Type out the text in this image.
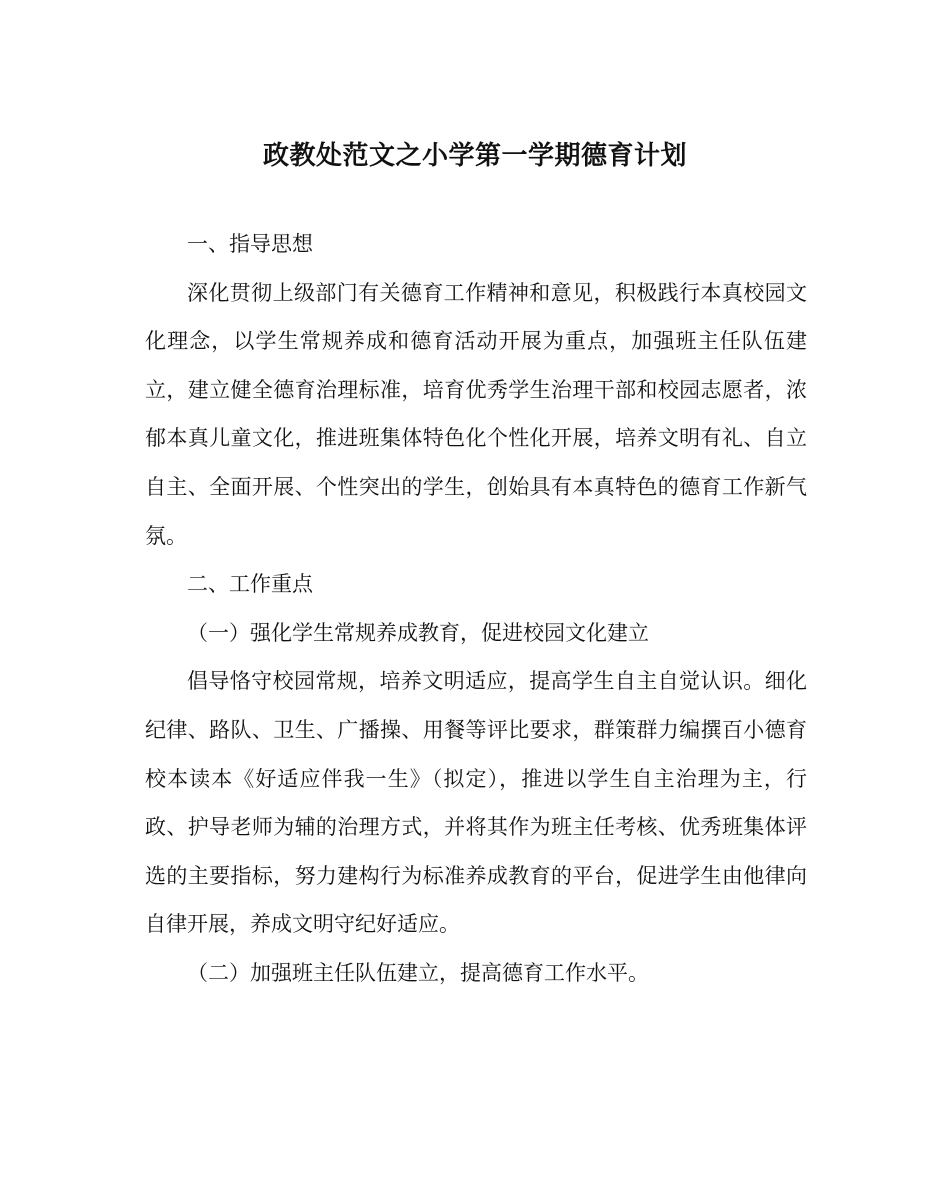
政教处范文之小学第一学期德育计划

一、指导思想

深化贯彻上级部门有关德育工作精神和意见，积极践行本真校园文化理念，以学生常规养成和德育活动开展为重点，加强班主任队伍建立，建立健全德育治理标准，培育优秀学生治理干部和校园志愿者，浓郁本真儿童文化，推进班集体特色化个性化开展，培养文明有礼、自立自主、全面开展、个性突出的学生，创始具有本真特色的德育工作新气氛。

二、工作重点

（一）强化学生常规养成教育，促进校园文化建立

倡导恪守校园常规，培养文明适应，提高学生自主自觉认识。细化纪律、路队、卫生、广播操、用餐等评比要求，群策群力编撰百小德育校本读本《好适应伴我一生》（拟定），推进以学生自主治理为主，行政、护导老师为辅的治理方式，并将其作为班主任考核、优秀班集体评选的主要指标，努力建构行为标准养成教育的平台，促进学生由他律向自律开展，养成文明守纪好适应。

（二）加强班主任队伍建立，提高德育工作水平。
